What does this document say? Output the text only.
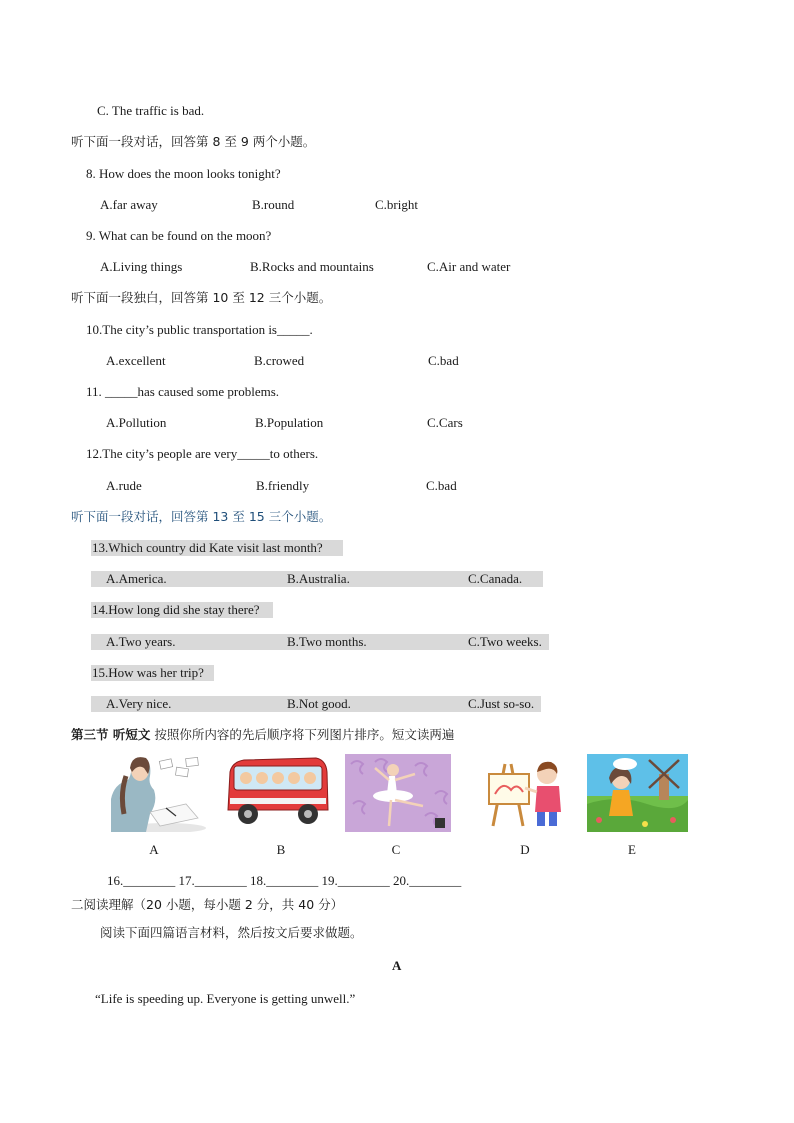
C. The traffic is bad.
听下面一段对话，回答第 8 至 9 两个小题。
8. How does the moon looks tonight?
A.far away	B.round	C.bright
9. What can be found on the moon?
A.Living things	B.Rocks and mountains	C.Air and water
听下面一段独白，回答第 10 至 12 三个小题。
10.The city’s public transportation is_____.
A.excellent	B.crowed	C.bad
11. _____has caused some problems.
A.Pollution	B.Population	C.Cars
12.The city’s people are very_____to others.
A.rude	B.friendly	C.bad
听下面一段对话，回答第 13 至 15 三个小题。
13.Which country did Kate visit last month?
A.America.	B.Australia.	C.Canada.
14.How long did she stay there?
A.Two years.	B.Two months.	C.Two weeks.
15.How was her trip?
A.Very nice.	B.Not good.	C.Just so-so.
第三节 听短文 按照你所内容的先后顺序将下列图片排序。短文读两遍
A	B	C	D	E
16.________ 17.________ 18.________ 19.________ 20.________
二阅读理解（20 小题，每小题 2 分，共 40 分）
阅读下面四篇语言材料，然后按文后要求做题。
A
“Life is speeding up. Everyone is getting unwell.”
